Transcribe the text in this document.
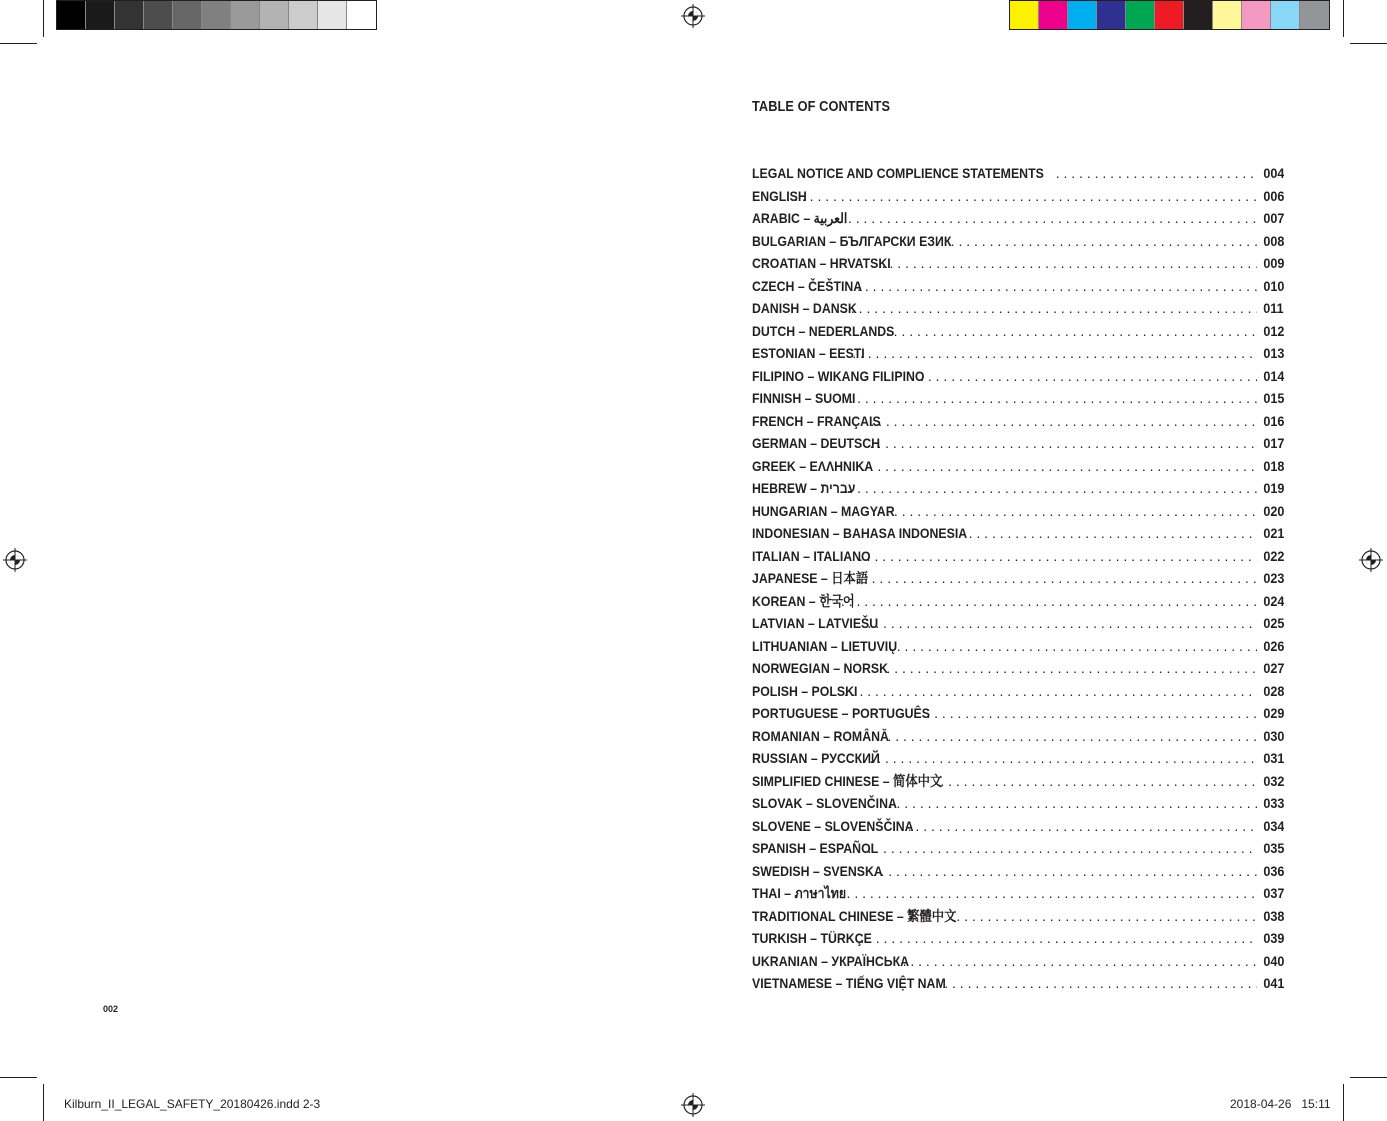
TABLE OF CONTENTS
LEGAL NOTICE AND COMPLIENCE STATEMENTS . . .	004
ENGLISH . . .	006
ARABIC – العربية . . .	007
BULGARIAN – БЪЛГАРСКИ ЕЗИК . . .	008
CROATIAN – HRVATSKI . . .	009
CZECH – ČEŠTINA . . .	010
DANISH – DANSK . . .	011
DUTCH – NEDERLANDS . . .	012
ESTONIAN – EESTI . . .	013
FILIPINO – WIKANG FILIPINO . . .	014
FINNISH – SUOMI . . .	015
FRENCH – FRANÇAIS . . .	016
GERMAN – DEUTSCH . . .	017
GREEK – ΕΛΛΗΝΙΚΑ . . .	018
HEBREW – עברית . . .	019
HUNGARIAN – MAGYAR . . .	020
INDONESIAN – BAHASA INDONESIA . . .	021
ITALIAN – ITALIANO . . .	022
JAPANESE – 日本語 . . .	023
KOREAN – 한국어 . . .	024
LATVIAN – LATVIEŠU . . .	025
LITHUANIAN – LIETUVIŲ . . .	026
NORWEGIAN – NORSK . . .	027
POLISH – POLSKI . . .	028
PORTUGUESE – PORTUGUÊS . . .	029
ROMANIAN – ROMÂNĂ . . .	030
RUSSIAN – РУССКИЙ . . .	031
SIMPLIFIED CHINESE – 简体中文 . . .	032
SLOVAK – SLOVENČINA . . .	033
SLOVENE – SLOVENŠČINA . . .	034
SPANISH – ESPAÑOL . . .	035
SWEDISH – SVENSKA . . .	036
THAI – ภาษาไทย . . .	037
TRADITIONAL CHINESE – 繁體中文 . . .	038
TURKISH – TÜRKÇE . . .	039
UKRANIAN – УКРАЇНСЬКА . . .	040
VIETNAMESE – TIẾNG VIỆT NAM . . .	041
002
Kilburn_II_LEGAL_SAFETY_20180426.indd 2-3	2018-04-26   15:11
